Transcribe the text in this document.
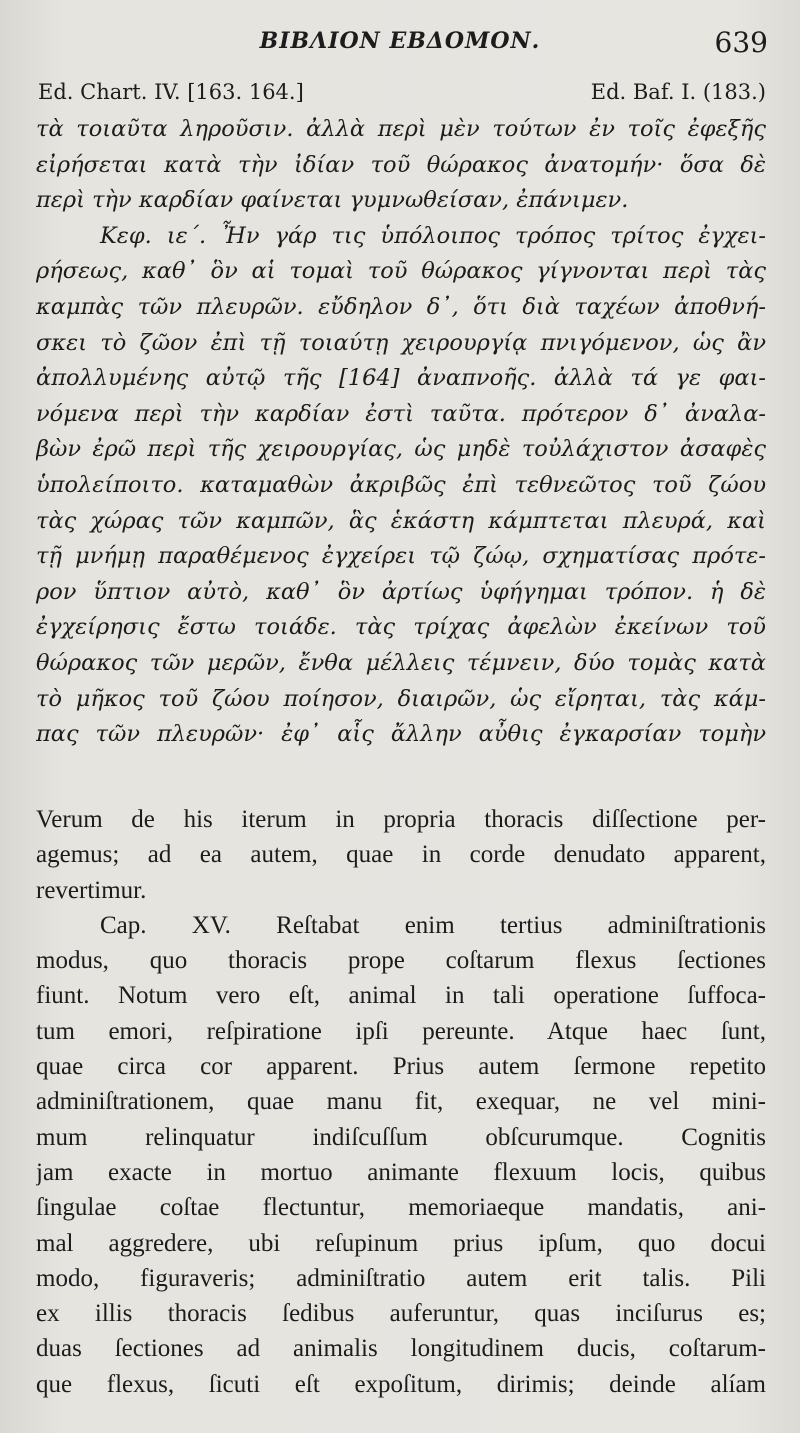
ΒΙΒΛΙΟΝ ΕΒΔΟΜΟΝ.	639
Ed. Chart. IV. [163. 164.]	Ed. Baf. I. (183.)
τὰ τοιαῦτα ληροῦσιν. ἀλλὰ περὶ μὲν τούτων ἐν τοῖς ἐφεξῆς
εἰρήσεται κατὰ τὴν ἰδίαν τοῦ θώρακος ἀνατομήν· ὅσα δὲ
περὶ τὴν καρδίαν φαίνεται γυμνωθείσαν, ἐπάνιμεν.
Κεφ. ιε΄. Ἦν γάρ τις ὑπόλοιπος τρόπος τρίτος ἐγχει-
ρήσεως, καθ᾽ ὃν αἱ τομαὶ τοῦ θώρακος γίγνονται περὶ τὰς
καμπὰς τῶν πλευρῶν. εὔδηλον δ᾽, ὅτι διὰ ταχέων ἀποθνή-
σκει τὸ ζῶον ἐπὶ τῇ τοιαύτῃ χειρουργίᾳ πνιγόμενον, ὡς ἂν
ἀπολλυμένης αὐτῷ τῆς [164] ἀναπνοῆς. ἀλλὰ τά γε φαι-
νόμενα περὶ τὴν καρδίαν ἐστὶ ταῦτα. πρότερον δ᾽ ἀναλα-
βὼν ἐρῶ περὶ τῆς χειρουργίας, ὡς μηδὲ τοὐλάχιστον ἀσαφὲς
ὑπολείποιτο. καταμαθὼν ἀκριβῶς ἐπὶ τεθνεῶτος τοῦ ζώου
τὰς χώρας τῶν καμπῶν, ἃς ἑκάστη κάμπτεται πλευρά, καὶ
τῇ μνήμῃ παραθέμενος ἐγχείρει τῷ ζώῳ, σχηματίσας πρότε-
ρον ὕπτιον αὐτὸ, καθ᾽ ὃν ἀρτίως ὑφήγημαι τρόπον. ἡ δὲ
ἐγχείρησις ἔστω τοιάδε. τὰς τρίχας ἀφελὼν ἐκείνων τοῦ
θώρακος τῶν μερῶν, ἔνθα μέλλεις τέμνειν, δύο τομὰς κατὰ
τὸ μῆκος τοῦ ζώου ποίησον, διαιρῶν, ὡς εἴρηται, τὰς κάμ-
πας τῶν πλευρῶν· ἐφ᾽ αἷς ἄλλην αὖθις ἐγκαρσίαν τομὴν
Verum de his iterum in propria thoracis diſſectione per-
agemus; ad ea autem, quae in corde denudato apparent,
revertimur.
Cap. XV. Reſtabat enim tertius adminiſtrationis
modus, quo thoracis prope coſtarum flexus ſectiones
fiunt. Notum vero eſt, animal in tali operatione ſuffoca-
tum emori, reſpiratione ipſi pereunte. Atque haec ſunt,
quae circa cor apparent. Prius autem ſermone repetito
adminiſtrationem, quae manu fit, exequar, ne vel mini-
mum relinquatur indiſcuſſum obſcurumque. Cognitis
jam exacte in mortuo animante flexuum locis, quibus
ſingulae coſtae flectuntur, memoriaeque mandatis, ani-
mal aggredere, ubi reſupinum prius ipſum, quo docui
modo, figuraveris; adminiſtratio autem erit talis. Pili
ex illis thoracis ſedibus auferuntur, quas inciſurus es;
duas ſectiones ad animalis longitudinem ducis, coſtarum-
que flexus, ſicuti eſt expoſitum, dirimis; deinde alíam
